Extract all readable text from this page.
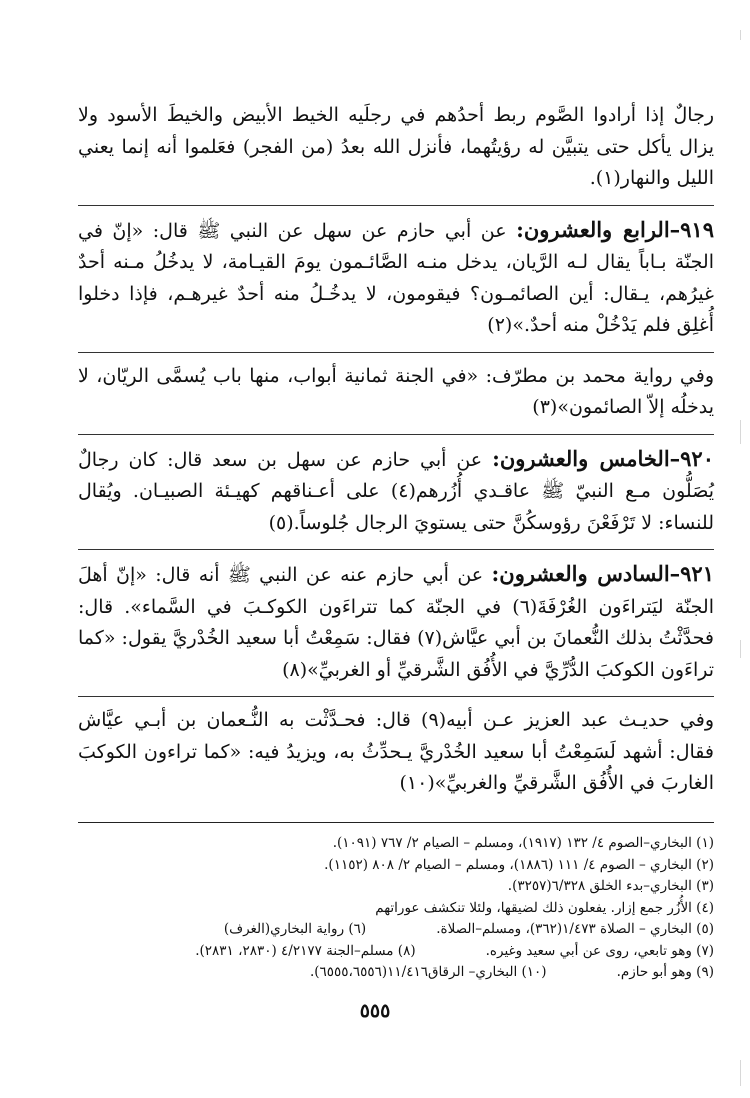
رجالٌ إذا أرادوا الصَّوم ربط أحدُهم في رجلَيه الخيط الأبيض والخيطَ الأسود ولا يزال يأكل حتى يتبيَّن له رؤيتُهما، فأنزل الله بعدُ (من الفجر) فعَلموا أنه إنما يعني الليل والنهار(١).

٩١٩–الرابع والعشرون: عن أبي حازم عن سهل عن النبي ﷺ قال: «إنّ في الجنّة بـاباً يقال لـه الرَّيان، يدخل منـه الصَّائـمون يومَ القيـامة، لا يدخُلُ مـنه أحدٌ غيرُهم، يـقال: أين الصائمـون؟ فيقومون، لا يدخُـلُ منه أحدٌ غيرهـم، فإذا دخلوا أُغلِق فلم يَدْخُلْ منه أحدٌ.»(٢)

وفي رواية محمد بن مطرّف: «في الجنة ثمانية أبواب، منها باب يُسمَّى الريّان، لا يدخلُه إلاّ الصائمون»(٣)

٩٢٠–الخامس والعشرون: عن أبي حازم عن سهل بن سعد قال: كان رجالٌ يُصَلُّون مـع النبيّ ﷺ عاقـدي أُزُرهم(٤) على أعـناقهم كهيـئة الصبيـان. ويُقال للنساء: لا تَرْفَعْنَ رؤوسكُنَّ حتى يستويَ الرجال جُلوساً.(٥)

٩٢١–السادس والعشرون: عن أبي حازم عنه عن النبي ﷺ أنه قال: «إنّ أهلَ الجنّة ليَتراءَون الغُرْفَةَ(٦) في الجنّة كما تتراءَون الكوكـبَ في السَّماء». قال: فحدَّثْتُ بذلك النُّعمانَ بن أبي عيَّاش(٧) فقال: سَمِعْتُ أبا سعيد الخُدْريَّ يقول: «كما تراءَون الكوكبَ الدُّرِّيَّ في الأُفُق الشَّرقيِّ أو الغربيِّ»(٨)

وفي حديـث عبد العزيز عـن أبيه(٩) قال: فحـدَّثْت به النُّـعمان بن أبـي عيَّاش فقال: أشهد لَسَمِعْتُ أبا سعيد الخُدْريَّ يـحدِّثُ به، ويزيدُ فيه: «كما تراءون الكوكبَ الغاربَ في الأُفُق الشَّرقيِّ والغربيِّ»(١٠)

(١) البخاري–الصوم ٤/ ١٣٢ (١٩١٧)، ومسلم – الصيام ٢/ ٧٦٧ (١٠٩١).

(٢) البخاري – الصوم ٤/ ١١١ (١٨٨٦)، ومسلم – الصيام ٢/ ٨٠٨ (١١٥٢).

(٣) البخاري–بدء الخلق ٦/٣٢٨(٣٢٥٧).

(٤) الأُزُر جمع إزار. يفعلون ذلك لضيقها، ولئلا تنكشف عوراتهم

(٥) البخاري – الصلاة ١/٤٧٣(٣٦٢)، ومسلم–الصلاة.
(٦) رواية البخاري(الغرف)
(٧) وهو تابعي، روى عن أبي سعيد وغيره.
(٨) مسلم–الجنة ٤/٢١٧٧ (٢٨٣٠، ٢٨٣١).
(٩) وهو أبو حازم.
(١٠) البخاري– الرقاق١١/٤١٦(٦٥٥٥،٦٥٥٦).
٥٥٥
